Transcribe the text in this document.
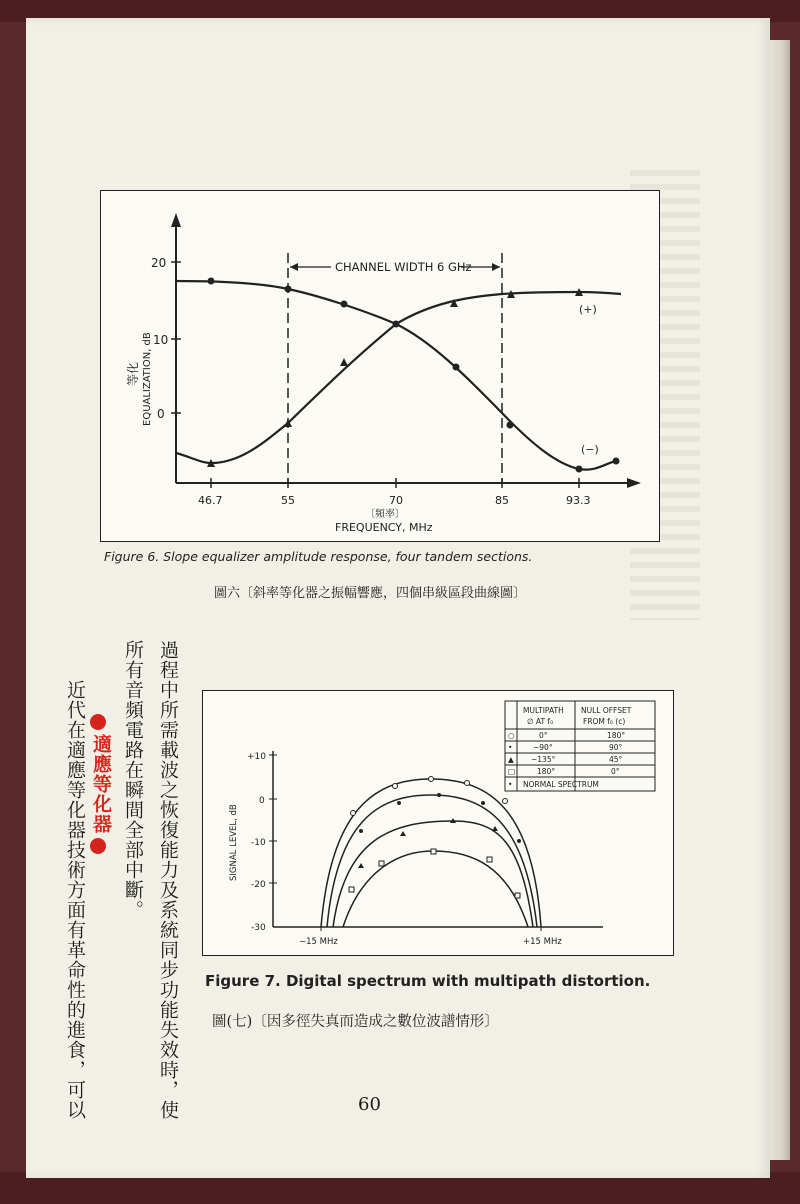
20
10
0
46.7	55	70	85	93.3
等化 EQUALIZATION, dB
〔頻率〕
FREQUENCY, MHz
CHANNEL WIDTH 6 GHz
(+)
(−)
Figure 6. Slope equalizer amplitude response, four tandem sections.
圖六〔斜率等化器之振幅響應，四個串級區段曲線圖〕
+10
0
-10
-20
-30
SIGNAL LEVEL, dB
−15 MHz	+15 MHz
MULTIPATH
∅ AT f₀
NULL OFFSET
FROM f₀ (c)
○	0°	180°
•	−90°	90°
▲ −135°	45°
□	180°	0°
• NORMAL SPECTRUM
Figure 7. Digital spectrum with multipath distortion.
圖(七)〔因多徑失真而造成之數位波譜情形〕
過程中所需載波之恢復能力及系統同步功能失效時，使
所有音頻電路在瞬間全部中斷。
適應等化器
近代在適應等化器技術方面有革命性的進食，可以	60
